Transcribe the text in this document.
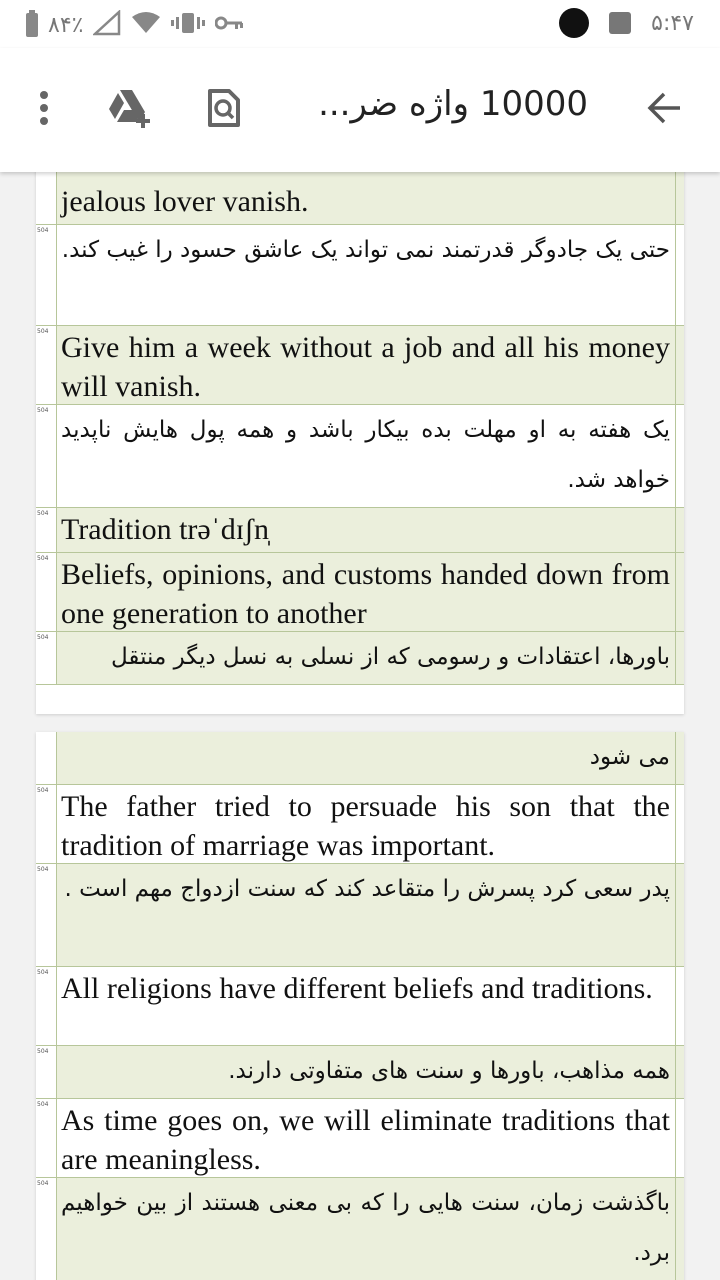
٨۴٪	۵:۴۷
10000 واژه ضر...
jealous lover vanish.
504
حتی یک جادوگر قدرتمند نمی تواند یک عاشق حسود را غیب کند.
504 Give him a week without a job and all his money will vanish.
504
یک هفته به او مهلت بده بیکار باشد و همه پول هایش ناپدید خواهد شد.
504 Tradition trəˈdɪʃn̩
504 Beliefs, opinions, and customs handed down from one generation to another
504
باورها، اعتقادات و رسومی که از نسلی به نسل دیگر منتقل
می شود
504 The father tried to persuade his son that the tradition of marriage was important.
504
پدر سعی کرد پسرش را متقاعد کند که سنت ازدواج مهم است .
504 All religions have different beliefs and traditions.
504
همه مذاهب، باورها و سنت های متفاوتی دارند.
504 As time goes on, we will eliminate traditions that are meaningless.
504
باگذشت زمان، سنت هایی را که بی معنی هستند از بین خواهیم برد.
